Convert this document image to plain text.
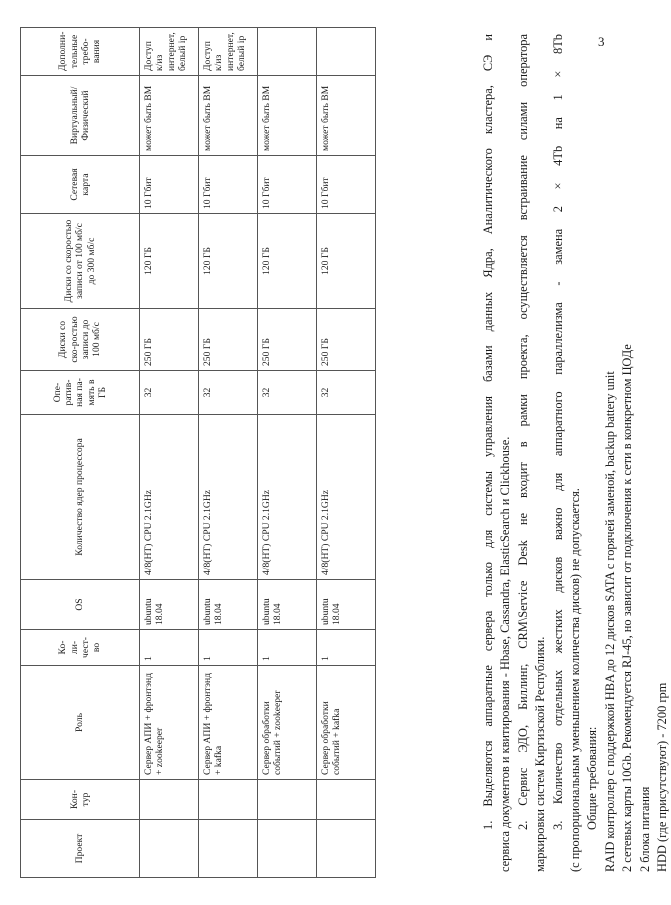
3
Проект	Кон-тур	Роль	Ко-ли-чест-во	OS	Количество ядер процессора	Опе-ратив-ная па-мять в ГБ	Диски со ско-ростью записи до 100 мб/с	Диски со скоростью записи от 100 мб/с до 300 мб/с	Сетевая карта	Виртуальный/ Физический	Дополни-тельные требо-вания
		Сервер АПИ + фронтэнд + zookeeper	1	ubuntu 18.04	4/8(HT) CPU 2.1GHz	32	250 ГБ	120 ГБ	10 Гбит	может быть ВМ	Доступ к/из интернет, белый ip
		Сервер АПИ + фронтэнд + kafka	1	ubuntu 18.04	4/8(HT) CPU 2.1GHz	32	250 ГБ	120 ГБ	10 Гбит	может быть ВМ	Доступ к/из интернет, белый ip
		Сервер обработки событий + zookeeper	1	ubuntu 18.04	4/8(HT) CPU 2.1GHz	32	250 ГБ	120 ГБ	10 Гбит	может быть ВМ	
		Сервер обработки событий + kafka	1	ubuntu 18.04	4/8(HT) CPU 2.1GHz	32	250 ГБ	120 ГБ	10 Гбит	может быть ВМ		1. Выделяются аппаратные сервера только для системы управления базами данных Ядра, Аналитического кластера, СЭ и сервиса документов и квитирования - Hbase, Cassandra, ElasticSearch и Clickhouse. 2. Сервис ЭДО, Биллинг, CRM\Service Desk не входит в рамки проекта, осуществляется встраивание силами оператора маркировки систем Киргизской Республики. 3. Количество отдельных жестких дисков важно для аппаратного параллелизма - замена 2 × 4Tb на 1 × 8Tb (с пропорциональным уменьшением количества дисков) не допускается. Общие требования: RAID контроллер с поддержкой HBA до 12 дисков SATA с горячей заменой, backup battery unit 2 сетевых карты 10Gb. Рекомендуется RJ-45, но зависит от подключения к сети в конкретном ЦОДе 2 блока питания HDD (где присутствуют) - 7200 rpm
